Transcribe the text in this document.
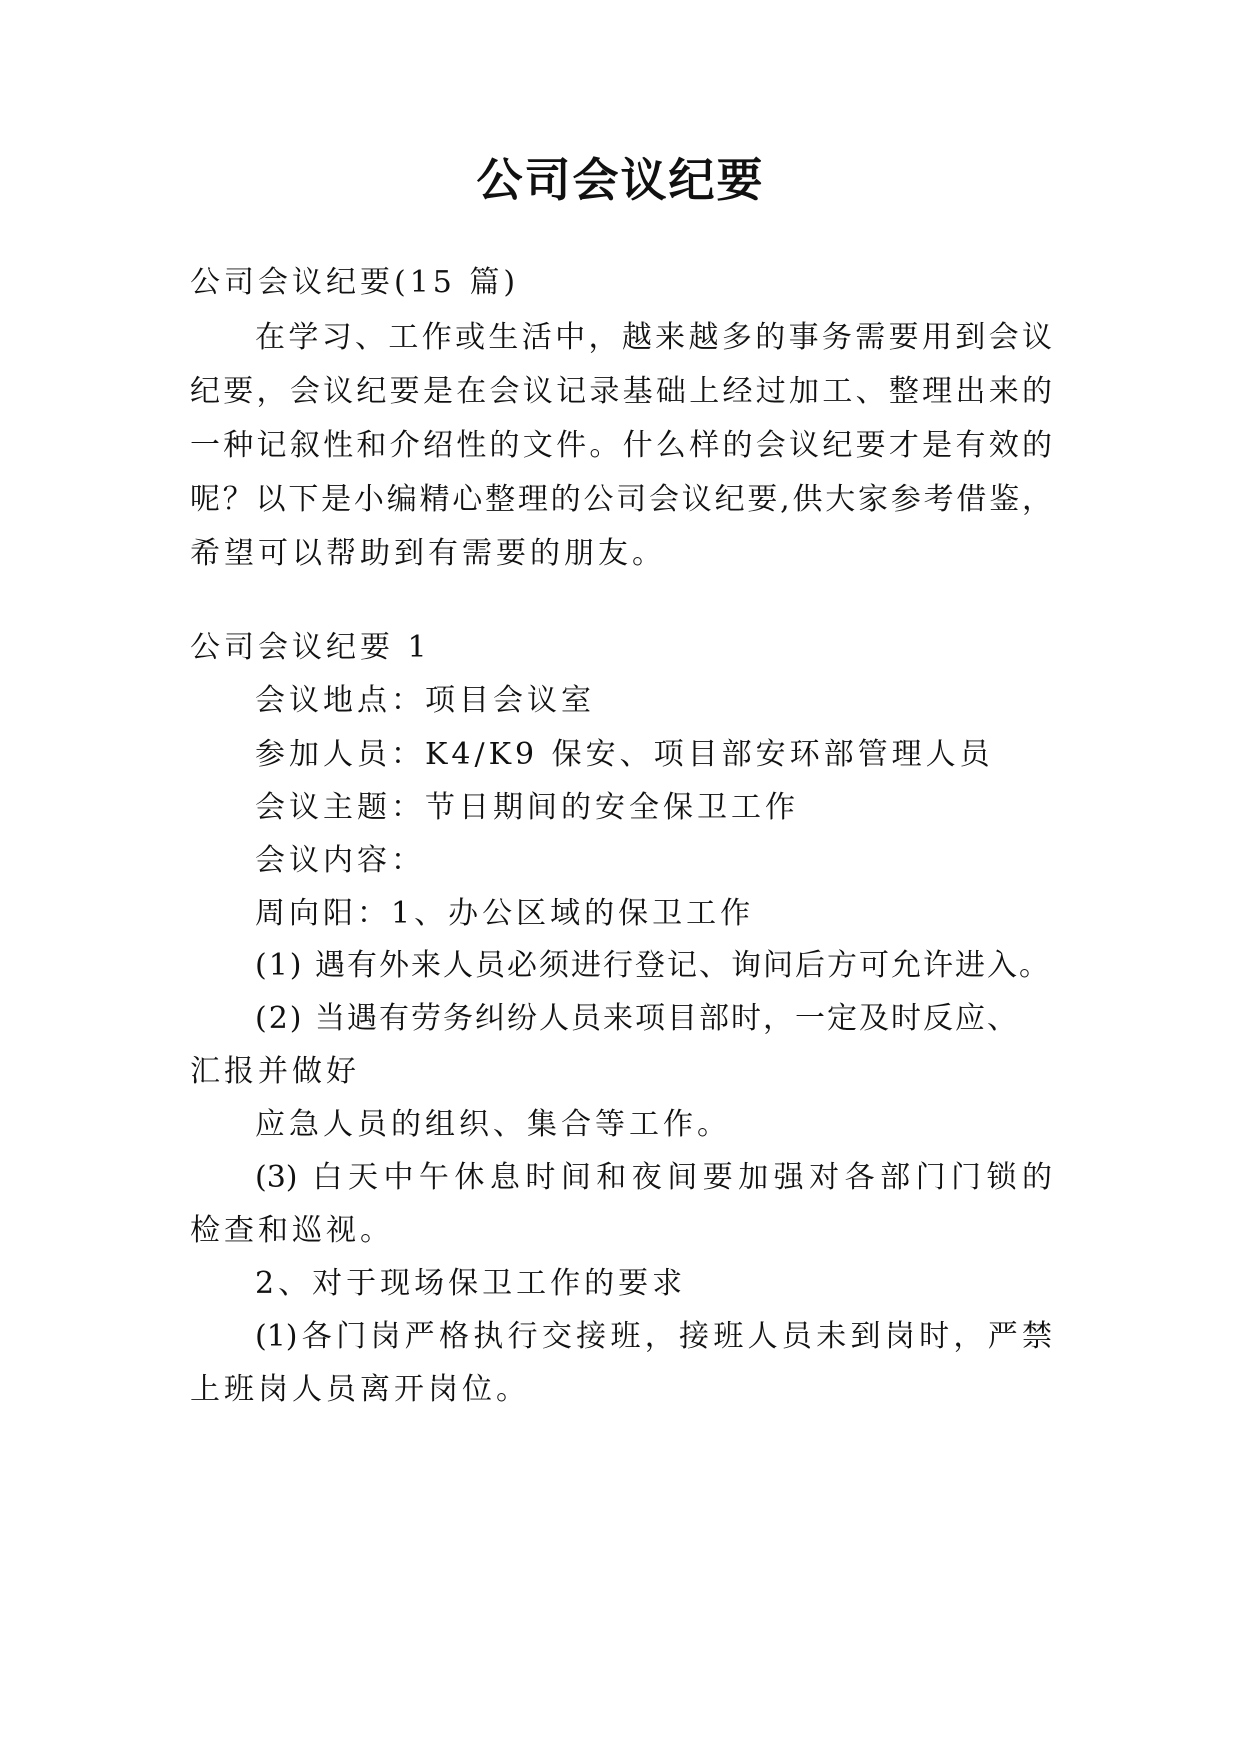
公司会议纪要

公司会议纪要(15 篇)

在学习、工作或生活中，越来越多的事务需要用到会议

纪要，会议纪要是在会议记录基础上经过加工、整理出来的

一种记叙性和介绍性的文件。什么样的会议纪要才是有效的

呢？以下是小编精心整理的公司会议纪要,供大家参考借鉴，

希望可以帮助到有需要的朋友。

公司会议纪要 1

会议地点：项目会议室

参加人员：K4/K9 保安、项目部安环部管理人员

会议主题：节日期间的安全保卫工作

会议内容：

周向阳：1、办公区域的保卫工作

(1) 遇有外来人员必须进行登记、询问后方可允许进入。

(2) 当遇有劳务纠纷人员来项目部时，一定及时反应、

汇报并做好

应急人员的组织、集合等工作。

(3) 白天中午休息时间和夜间要加强对各部门门锁的

检查和巡视。

2、对于现场保卫工作的要求

(1)各门岗严格执行交接班，接班人员未到岗时，严禁

上班岗人员离开岗位。
